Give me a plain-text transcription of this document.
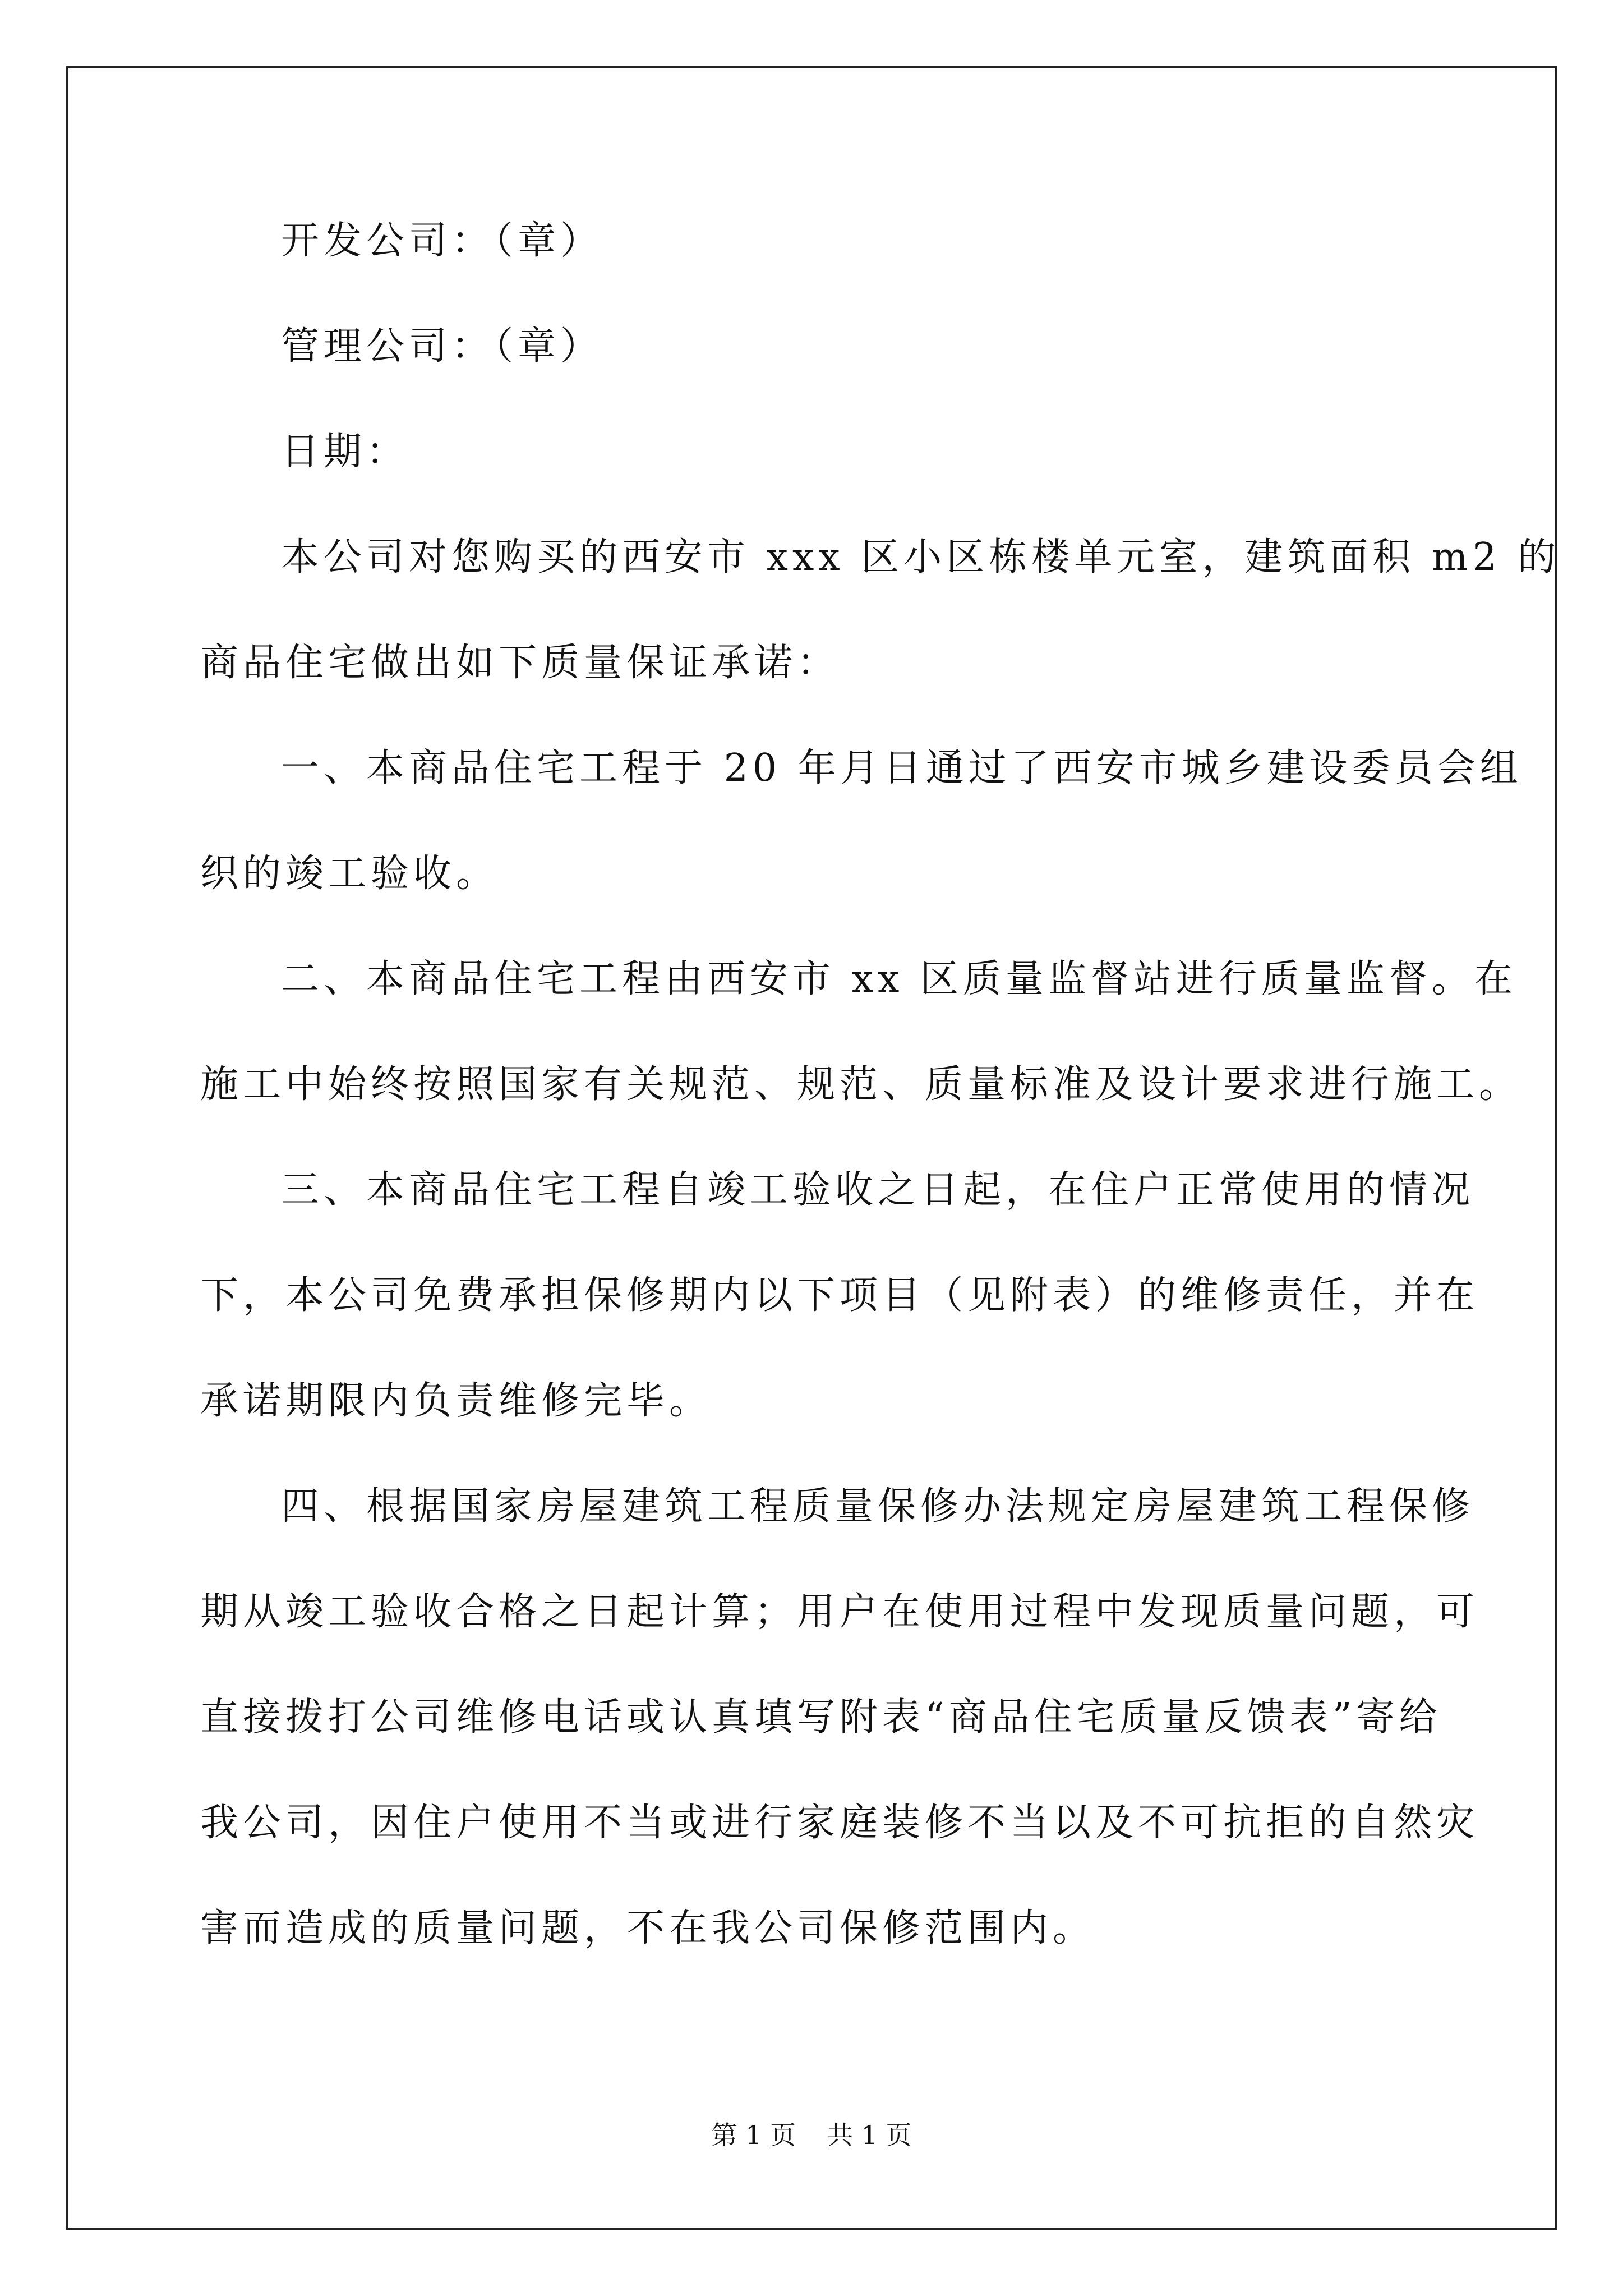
开发公司：（章）
管理公司：（章）
日期：
本公司对您购买的西安市 xxx 区小区栋楼单元室，建筑面积 m2 的
商品住宅做出如下质量保证承诺：
一、本商品住宅工程于 20 年月日通过了西安市城乡建设委员会组
织的竣工验收。
二、本商品住宅工程由西安市 xx 区质量监督站进行质量监督。在
施工中始终按照国家有关规范、规范、质量标准及设计要求进行施工。
三、本商品住宅工程自竣工验收之日起，在住户正常使用的情况
下，本公司免费承担保修期内以下项目（见附表）的维修责任，并在
承诺期限内负责维修完毕。
四、根据国家房屋建筑工程质量保修办法规定房屋建筑工程保修
期从竣工验收合格之日起计算；用户在使用过程中发现质量问题，可
直接拨打公司维修电话或认真填写附表“商品住宅质量反馈表”寄给
我公司，因住户使用不当或进行家庭装修不当以及不可抗拒的自然灾
害而造成的质量问题，不在我公司保修范围内。
第 1 页 共 1 页
